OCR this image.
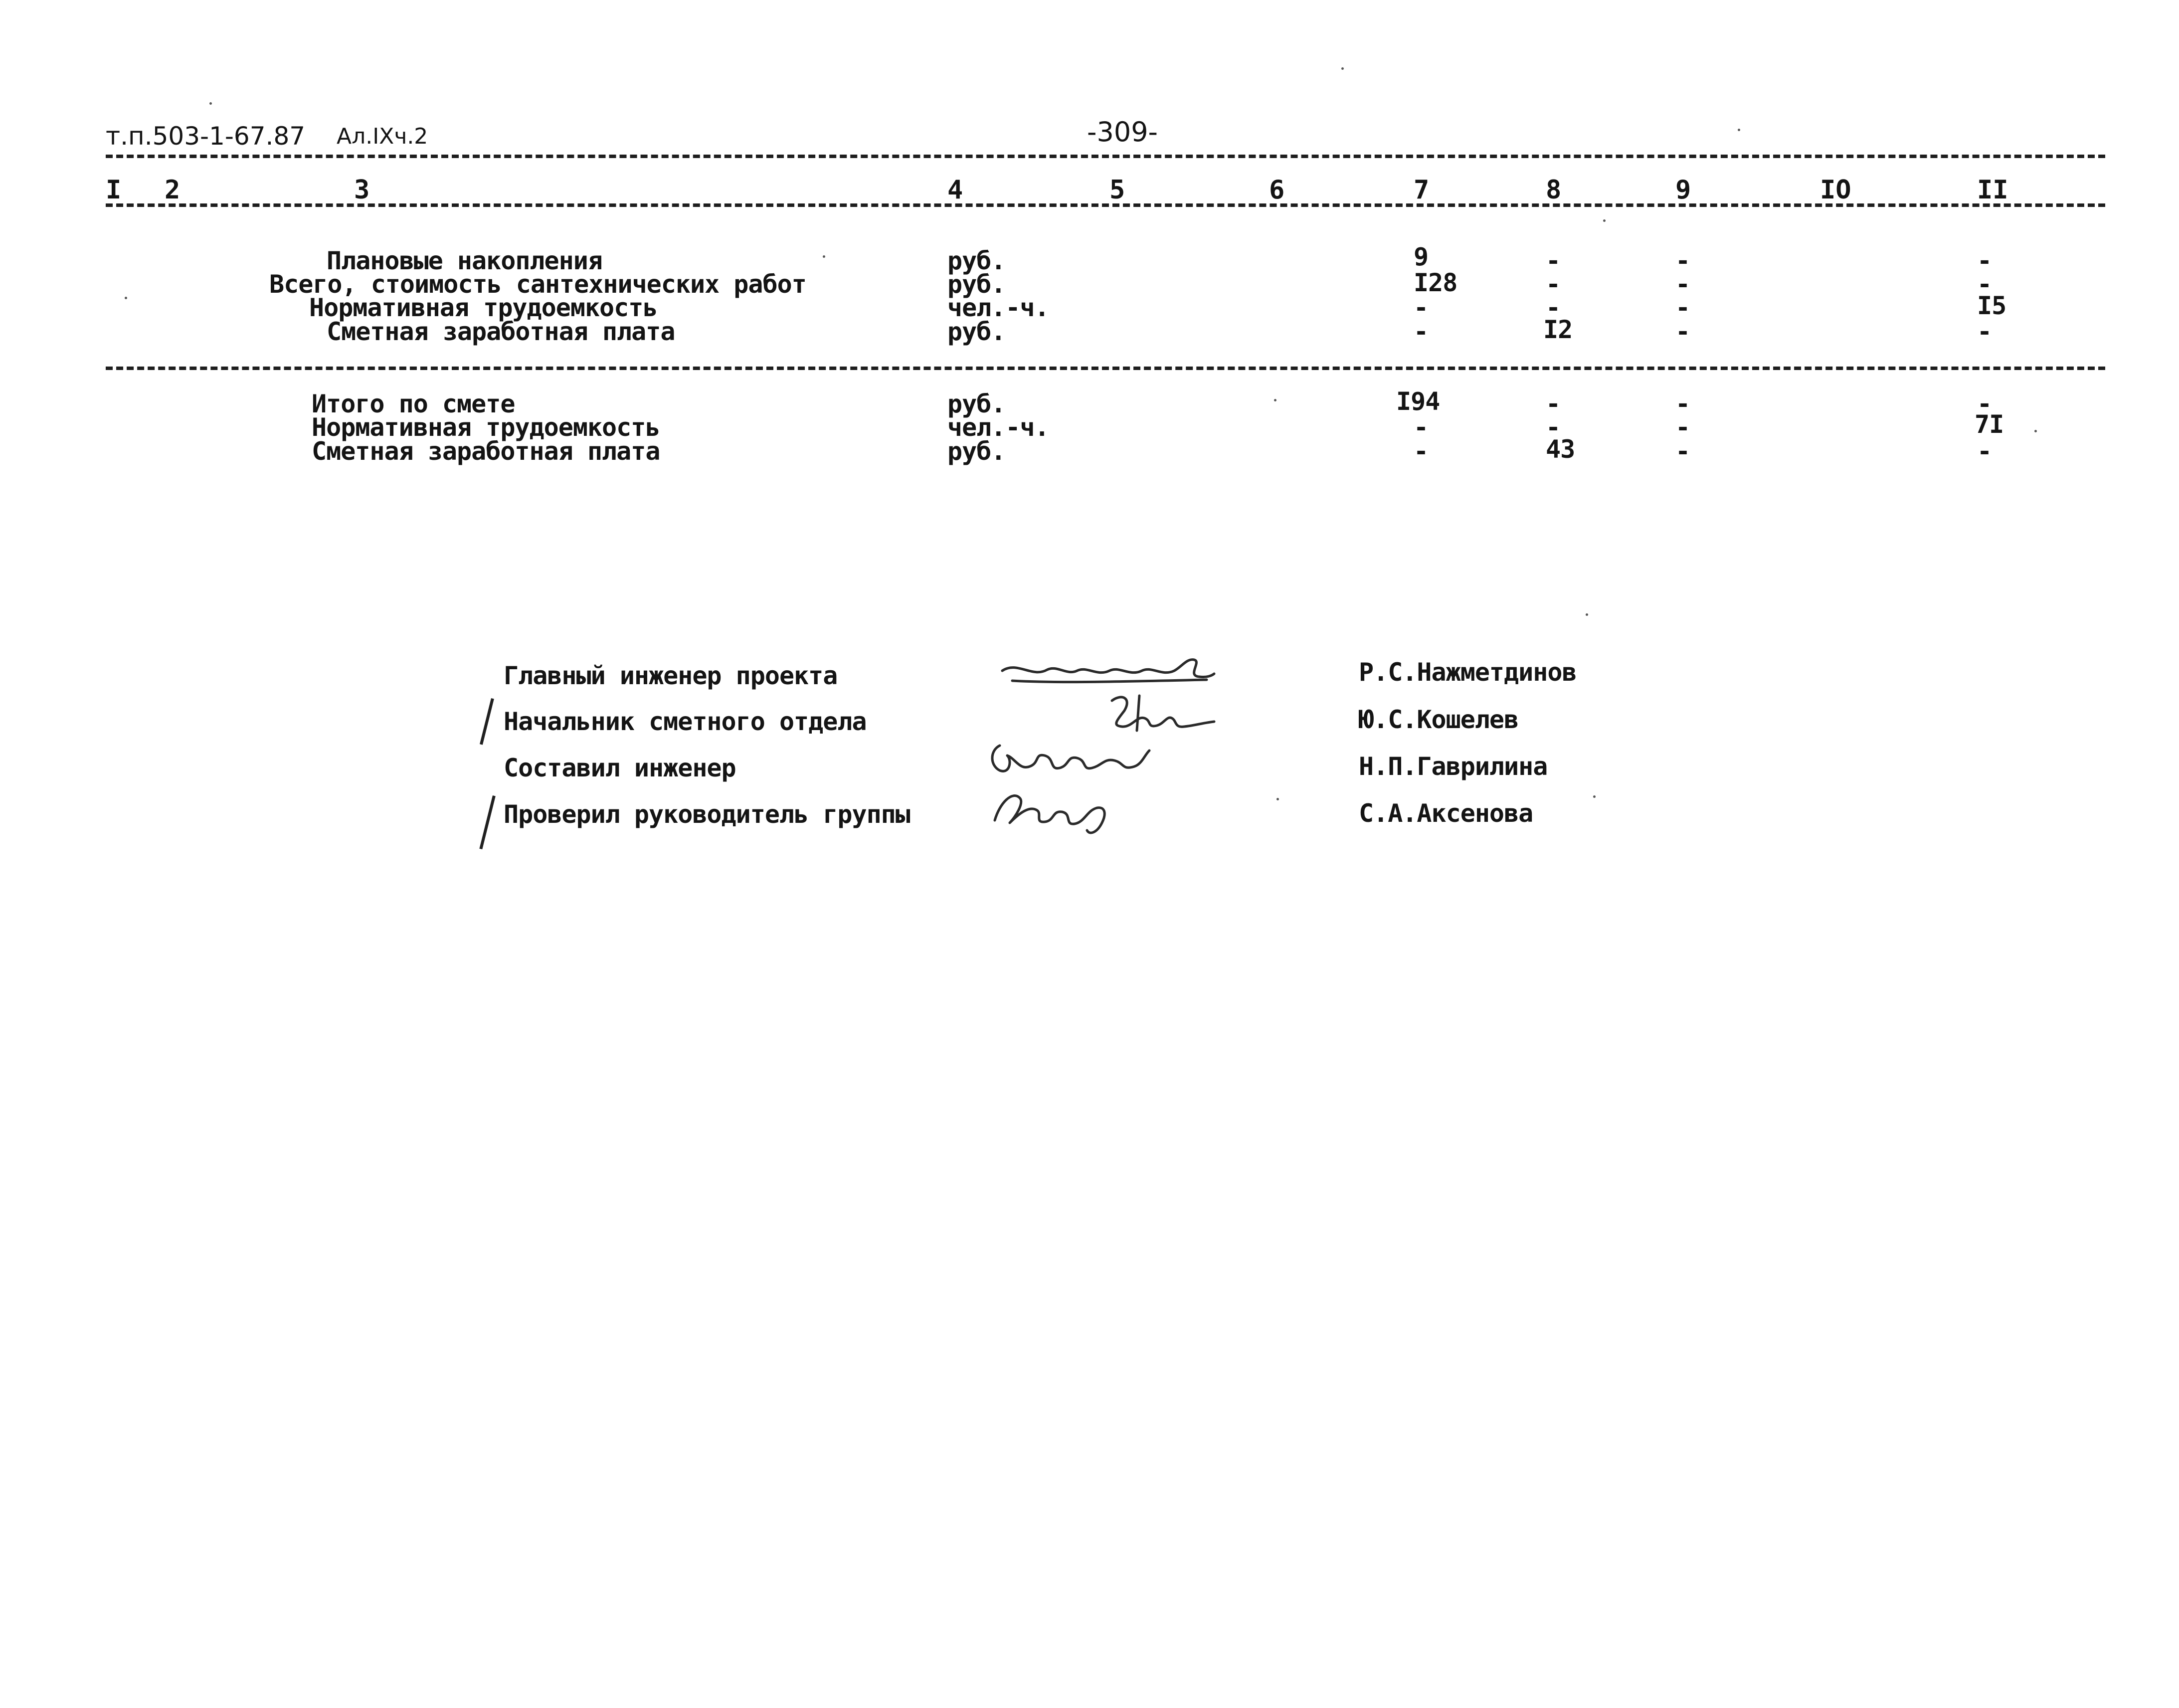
т.п.503-1-67.87 Ал.IXч.2	-309-
I 2	3	4	5	6	7	8	9	IO	II
Плановые накопления	руб.	9	-	-	-
Всего, стоимость сантехнических работ	руб.	I28	-	-	-
Нормативная трудоемкость	чел.-ч.	-	-	-	I5
Сметная заработная плата	руб.	-	I2	-	-
Итого по смете	руб.	I94	-	-	-
Нормативная трудоемкость	чел.-ч.	-	-	-	7I
Сметная заработная плата	руб.	-	43	-	-
Главный инженер проекта	Р.С.Нажметдинов
Начальник сметного отдела	Ю.С.Кошелев
Составил инженер	Н.П.Гаврилина
Проверил руководитель группы	С.А.Аксенова
